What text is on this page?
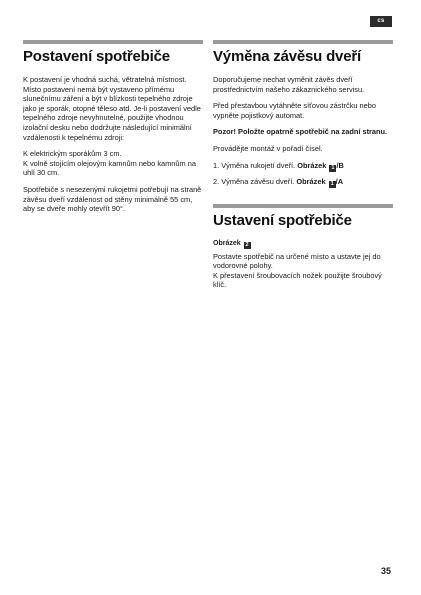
cs
Postavení spotřebiče

K postavení je vhodná suchá, větratelná místnost. Místo postavení nemá být vystaveno přímému slunečnímu záření a být v blízkosti tepelného zdroje jako je sporák, otopné těleso atd. Je-li postavení vedle tepelného zdroje nevyhnutelné, použijte vhodnou izolační desku nebo dodržujte následující minimální vzdálenosti k tepelnému zdroji:

K elektrickým sporákům 3 cm.
K volně stojícím olejovým kamnům nebo kamnům na uhlí 30 cm.

Spotřebiče s nesezenými rukojetmi potřebují na straně závěsu dveří vzdálenost od stěny minimálně 55 cm, aby se dveře mohly otevřít 90°.

Výměna závěsu dveří

Doporučujeme nechat vyměnit závěs dveří prostřednictvím našeho zákaznického servisu.

Před přestavbou vytáhněte síťovou zástrčku nebo vypněte pojistkový automat.

Pozor! Položte opatrně spotřebič na zadní stranu.

Provádějte montáž v pořadí čísel.

1. Výměna rukojetí dveří. Obrázek 1 /B
2. Výměna závěsu dveří. Obrázek 1 /A
Ustavení spotřebiče

Obrázek 2

Postavte spotřebič na určené místo a ustavte jej do vodorovné polohy.
K přestavení šroubovacích nožek použijte šroubový klíč.

35
